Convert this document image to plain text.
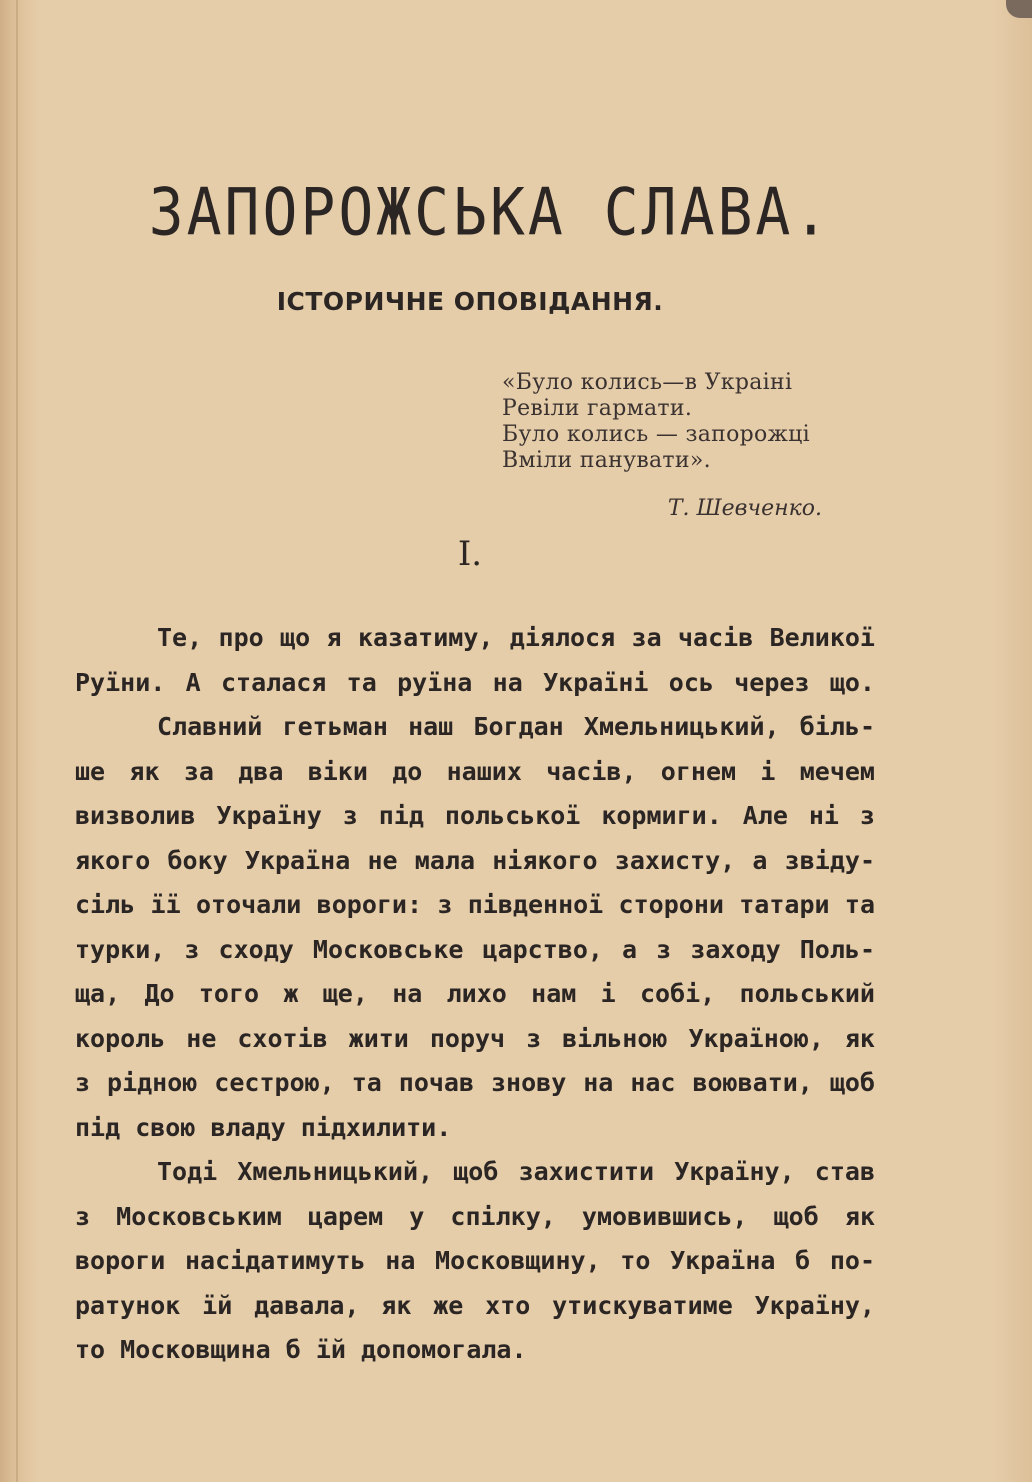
ЗАПОРОЖСЬКА СЛАВА.
ІСТОРИЧНЕ ОПОВІДАННЯ.
«Було колись—в Украіні
Ревіли гармати.
Було колись — запорожці
Вміли панувати».
Т. Шевченко.
I.
Те, про що я казатиму, діялося за часів Великої
Руїни. А сталася та руїна на Україні ось через що.
Славний гетьман наш Богдан Хмельницький, біль-
ше як за два віки до наших часів, огнем і мечем
визволив Україну з під польської кормиги. Але ні з
якого боку Україна не мала ніякого захисту, а звіду-
сіль її оточали вороги: з південної сторони татари та
турки, з сходу Московське царство, а з заходу Поль-
ща, До того ж ще, на лихо нам і собі, польський
король не схотів жити поруч з вільною Україною, як
з рідною сестрою, та почав знову на нас воювати, щоб
під свою владу підхилити.
Тоді Хмельницький, щоб захистити Україну, став
з Московським царем у спілку, умовившись, щоб як
вороги насідатимуть на Московщину, то Україна б по-
ратунок їй давала, як же хто утискуватиме Україну,
то Московщина б їй допомогала.
